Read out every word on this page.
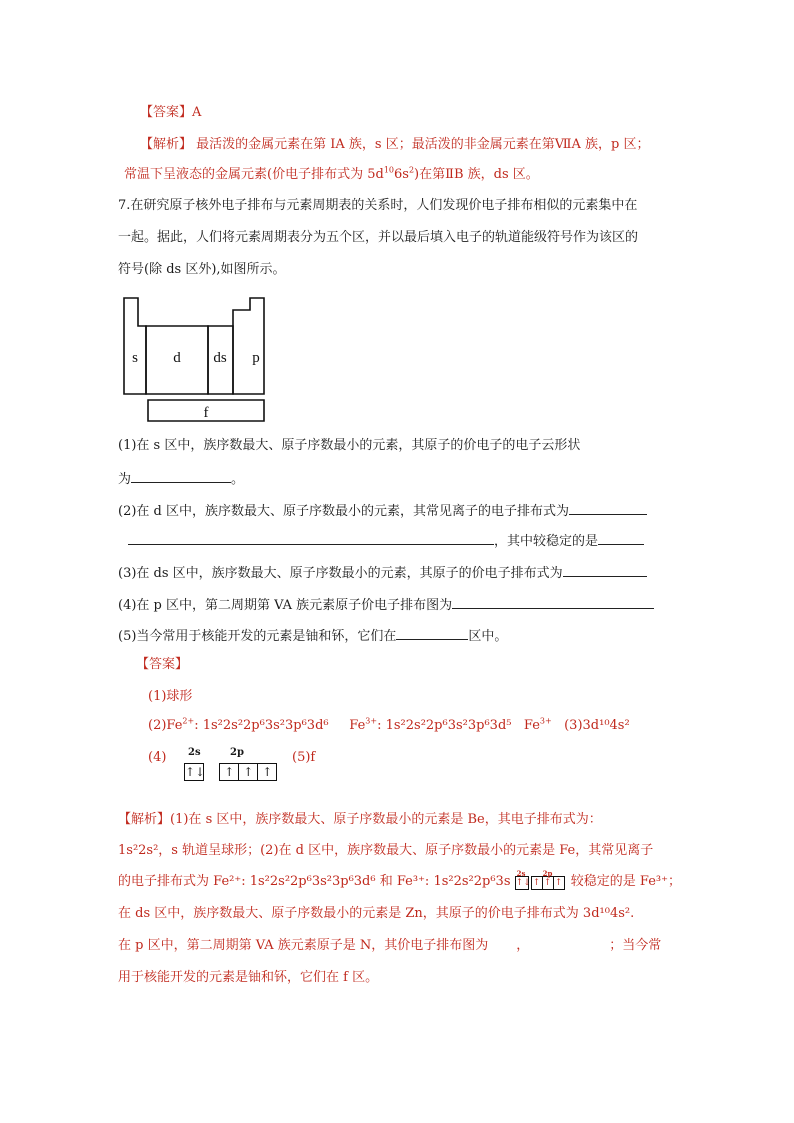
【答案】A
【解析】 最活泼的金属元素在第 IA 族，s 区；最活泼的非金属元素在第ⅦA 族，p 区；
常温下呈液态的金属元素(价电子排布式为 $5d^{10}6s^2$)在第ⅡB 族，ds 区。
7.在研究原子核外电子排布与元素周期表的关系时，人们发现价电子排布相似的元素集中在
一起。据此，人们将元素周期表分为五个区，并以最后填入电子的轨道能级符号作为该区的
符号(除 ds 区外),如图所示。
s d ds p
f
(1)在 s 区中，族序数最大、原子序数最小的元素，其原子的价电子的电子云形状
为	。
(2)在 d 区中，族序数最大、原子序数最小的元素，其常见离子的电子排布式为
，其中较稳定的是
(3)在 ds 区中，族序数最大、原子序数最小的元素，其原子的价电子排布式为
(4)在 p 区中，第二周期第 VA 族元素原子价电子排布图为
(5)当今常用于核能开发的元素是铀和钚，它们在	区中。
【答案】
(1)球形
$(2)Fe^{2+}$: 1s²2s²2p⁶3s²3p⁶3d⁶ $Fe^{3+}$: 1s²2s²2p⁶3s²3p⁶3d⁵ $Fe^{3+}$ (3)3d¹⁰4s²
(4) 2s	2p
↑↓ ↑ ↑ ↑
(5)f
【解析】(1)在 s 区中，族序数最大、原子序数最小的元素是 Be，其电子排布式为：
1s²2s²，s 轨道呈球形；(2)在 d 区中，族序数最大、原子序数最小的元素是 Fe，其常见离子
的电子排布式为 Fe²⁺: 1s²2s²2p⁶3s²3p⁶3d⁶ 和 Fe³⁺: 1s²2s²2p⁶3s
2s 2p
↑↓ ↑ ↑ ↑ 较稳定的是 Fe³⁺；
在 ds 区中，族序数最大、原子序数最小的元素是 Zn，其原子的价电子排布式为 3d¹⁰4s².
在 p 区中，第二周期第 VA 族元素原子是 N，其价电子排布图为 ，	；当今常
用于核能开发的元素是铀和钚，它们在 f 区。
